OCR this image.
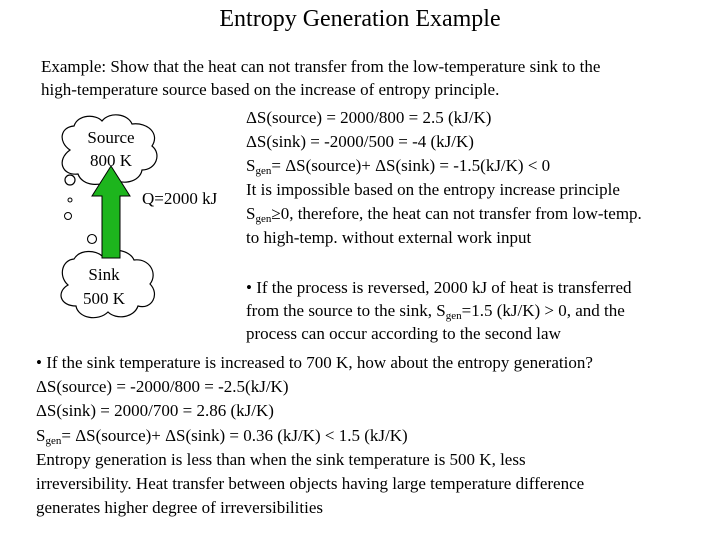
Entropy Generation Example
Example: Show that the heat can not transfer from the low-temperature sink to the
high-temperature source based on the increase of entropy principle.
Source
800 K
Sink
500 K
Q=2000 kJ
ΔS(source) = 2000/800 = 2.5 (kJ/K)
ΔS(sink) = -2000/500 = -4 (kJ/K)
$S_{gen}=$ ΔS(source)+ ΔS(sink) = -1.5(kJ/K) < 0
It is impossible based on the entropy increase principle
$S_{gen}\ge 0$, therefore, the heat can not transfer from low-temp.
to high-temp. without external work input
• If the process is reversed, 2000 kJ of heat is transferred
from the source to the sink, $S_{gen}=1.5$ (kJ/K) > 0, and the
process can occur according to the second law
• If the sink temperature is increased to 700 K, how about the entropy generation?
ΔS(source) = -2000/800 = -2.5(kJ/K)
ΔS(sink) = 2000/700 = 2.86 (kJ/K)
$S_{gen}=$ ΔS(source)+ ΔS(sink) = 0.36 (kJ/K) < 1.5 (kJ/K)
Entropy generation is less than when the sink temperature is 500 K, less
irreversibility. Heat transfer between objects having large temperature difference
generates higher degree of irreversibilities
